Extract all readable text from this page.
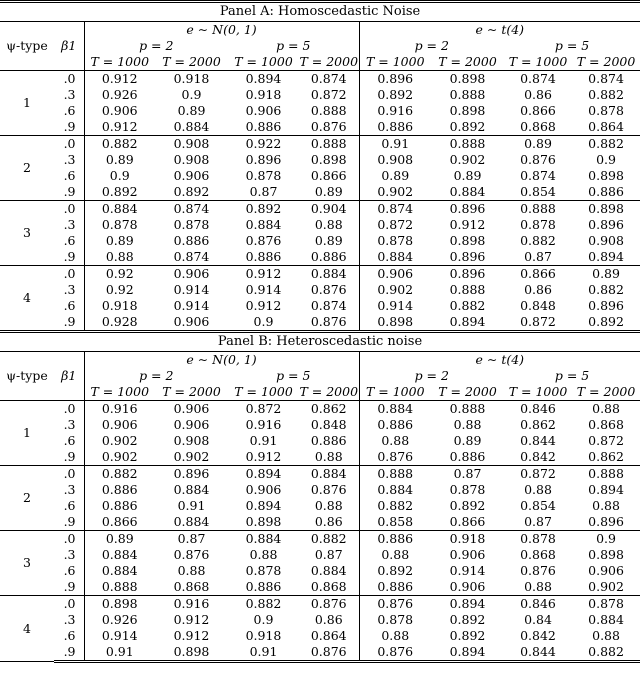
Panel A: Homoscedastic Noise									
ψ-type	β1	e ∼ N(0, 1)				e ∼ t(4)			
		p = 2		p = 5		p = 2		p = 5	
		T = 1000	T = 2000	T = 1000	T = 2000	T = 1000	T = 2000	T = 1000	T = 2000
1	.0	0.912	0.918	0.894	0.874	0.896	0.898	0.874	0.874
	.3	0.926	0.9	0.918	0.872	0.892	0.888	0.86	0.882
	.6	0.906	0.89	0.906	0.888	0.916	0.898	0.866	0.878
	.9	0.912	0.884	0.886	0.876	0.886	0.892	0.868	0.864
2	.0	0.882	0.908	0.922	0.888	0.91	0.888	0.89	0.882
	.3	0.89	0.908	0.896	0.898	0.908	0.902	0.876	0.9
	.6	0.9	0.906	0.878	0.866	0.89	0.89	0.874	0.898
	.9	0.892	0.892	0.87	0.89	0.902	0.884	0.854	0.886
3	.0	0.884	0.874	0.892	0.904	0.874	0.896	0.888	0.898
	.3	0.878	0.878	0.884	0.88	0.872	0.912	0.878	0.896
	.6	0.89	0.886	0.876	0.89	0.878	0.898	0.882	0.908
	.9	0.88	0.874	0.886	0.886	0.884	0.896	0.87	0.894
4	.0	0.92	0.906	0.912	0.884	0.906	0.896	0.866	0.89
	.3	0.92	0.914	0.914	0.876	0.902	0.888	0.86	0.882
	.6	0.918	0.914	0.912	0.874	0.914	0.882	0.848	0.896
	.9	0.928	0.906	0.9	0.876	0.898	0.894	0.872	0.892
Panel B: Heteroscedastic noise									
ψ-type	β1	e ∼ N(0, 1)				e ∼ t(4)			
		p = 2		p = 5		p = 2		p = 5	
		T = 1000	T = 2000	T = 1000	T = 2000	T = 1000	T = 2000	T = 1000	T = 2000
1	.0	0.916	0.906	0.872	0.862	0.884	0.888	0.846	0.88
	.3	0.906	0.906	0.916	0.848	0.886	0.88	0.862	0.868
	.6	0.902	0.908	0.91	0.886	0.88	0.89	0.844	0.872
	.9	0.902	0.902	0.912	0.88	0.876	0.886	0.842	0.862
2	.0	0.882	0.896	0.894	0.884	0.888	0.87	0.872	0.888
	.3	0.886	0.884	0.906	0.876	0.884	0.878	0.88	0.894
	.6	0.886	0.91	0.894	0.88	0.882	0.892	0.854	0.88
	.9	0.866	0.884	0.898	0.86	0.858	0.866	0.87	0.896
3	.0	0.89	0.87	0.884	0.882	0.886	0.918	0.878	0.9
	.3	0.884	0.876	0.88	0.87	0.88	0.906	0.868	0.898
	.6	0.884	0.88	0.878	0.884	0.892	0.914	0.876	0.906
	.9	0.888	0.868	0.886	0.868	0.886	0.906	0.88	0.902
4	.0	0.898	0.916	0.882	0.876	0.876	0.894	0.846	0.878
	.3	0.926	0.912	0.9	0.86	0.878	0.892	0.84	0.884
	.6	0.914	0.912	0.918	0.864	0.88	0.892	0.842	0.88
	.9	0.91	0.898	0.91	0.876	0.876	0.894	0.844	0.882
